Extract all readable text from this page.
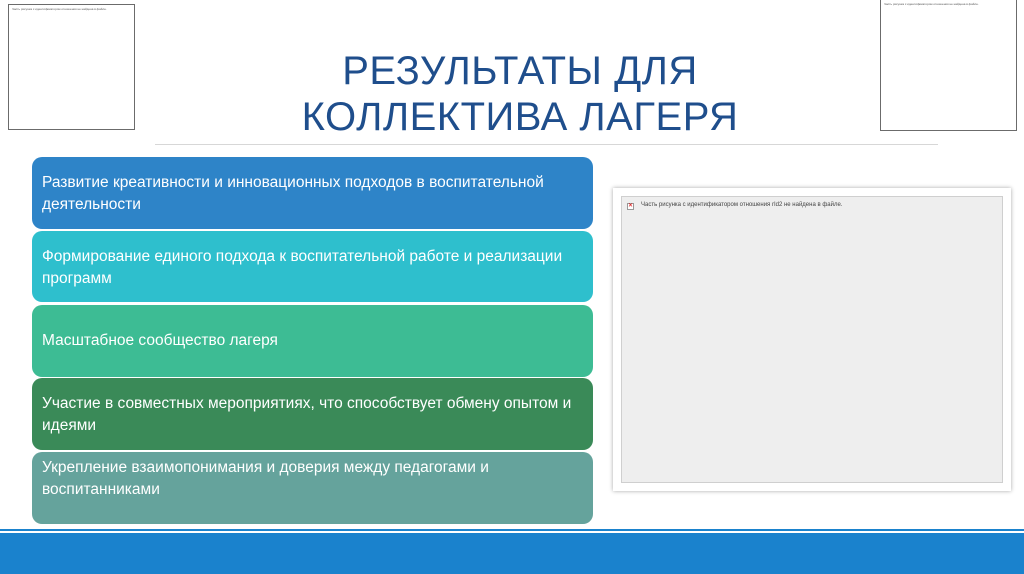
Часть рисунка с идентификатором отношения не найдена в файле.
Часть рисунка с идентификатором отношения не найдена в файле.
РЕЗУЛЬТАТЫ ДЛЯ
КОЛЛЕКТИВА ЛАГЕРЯ
Развитие креативности и инновационных подходов в воспитательной деятельности
Формирование единого подхода к воспитательной работе и реализации программ
Масштабное сообщество лагеря
Участие в совместных мероприятиях, что способствует обмену опытом и идеями
Укрепление взаимопонимания и доверия между педагогами и воспитанниками
✕
Часть рисунка с идентификатором отношения rId2 не найдена в файле.
